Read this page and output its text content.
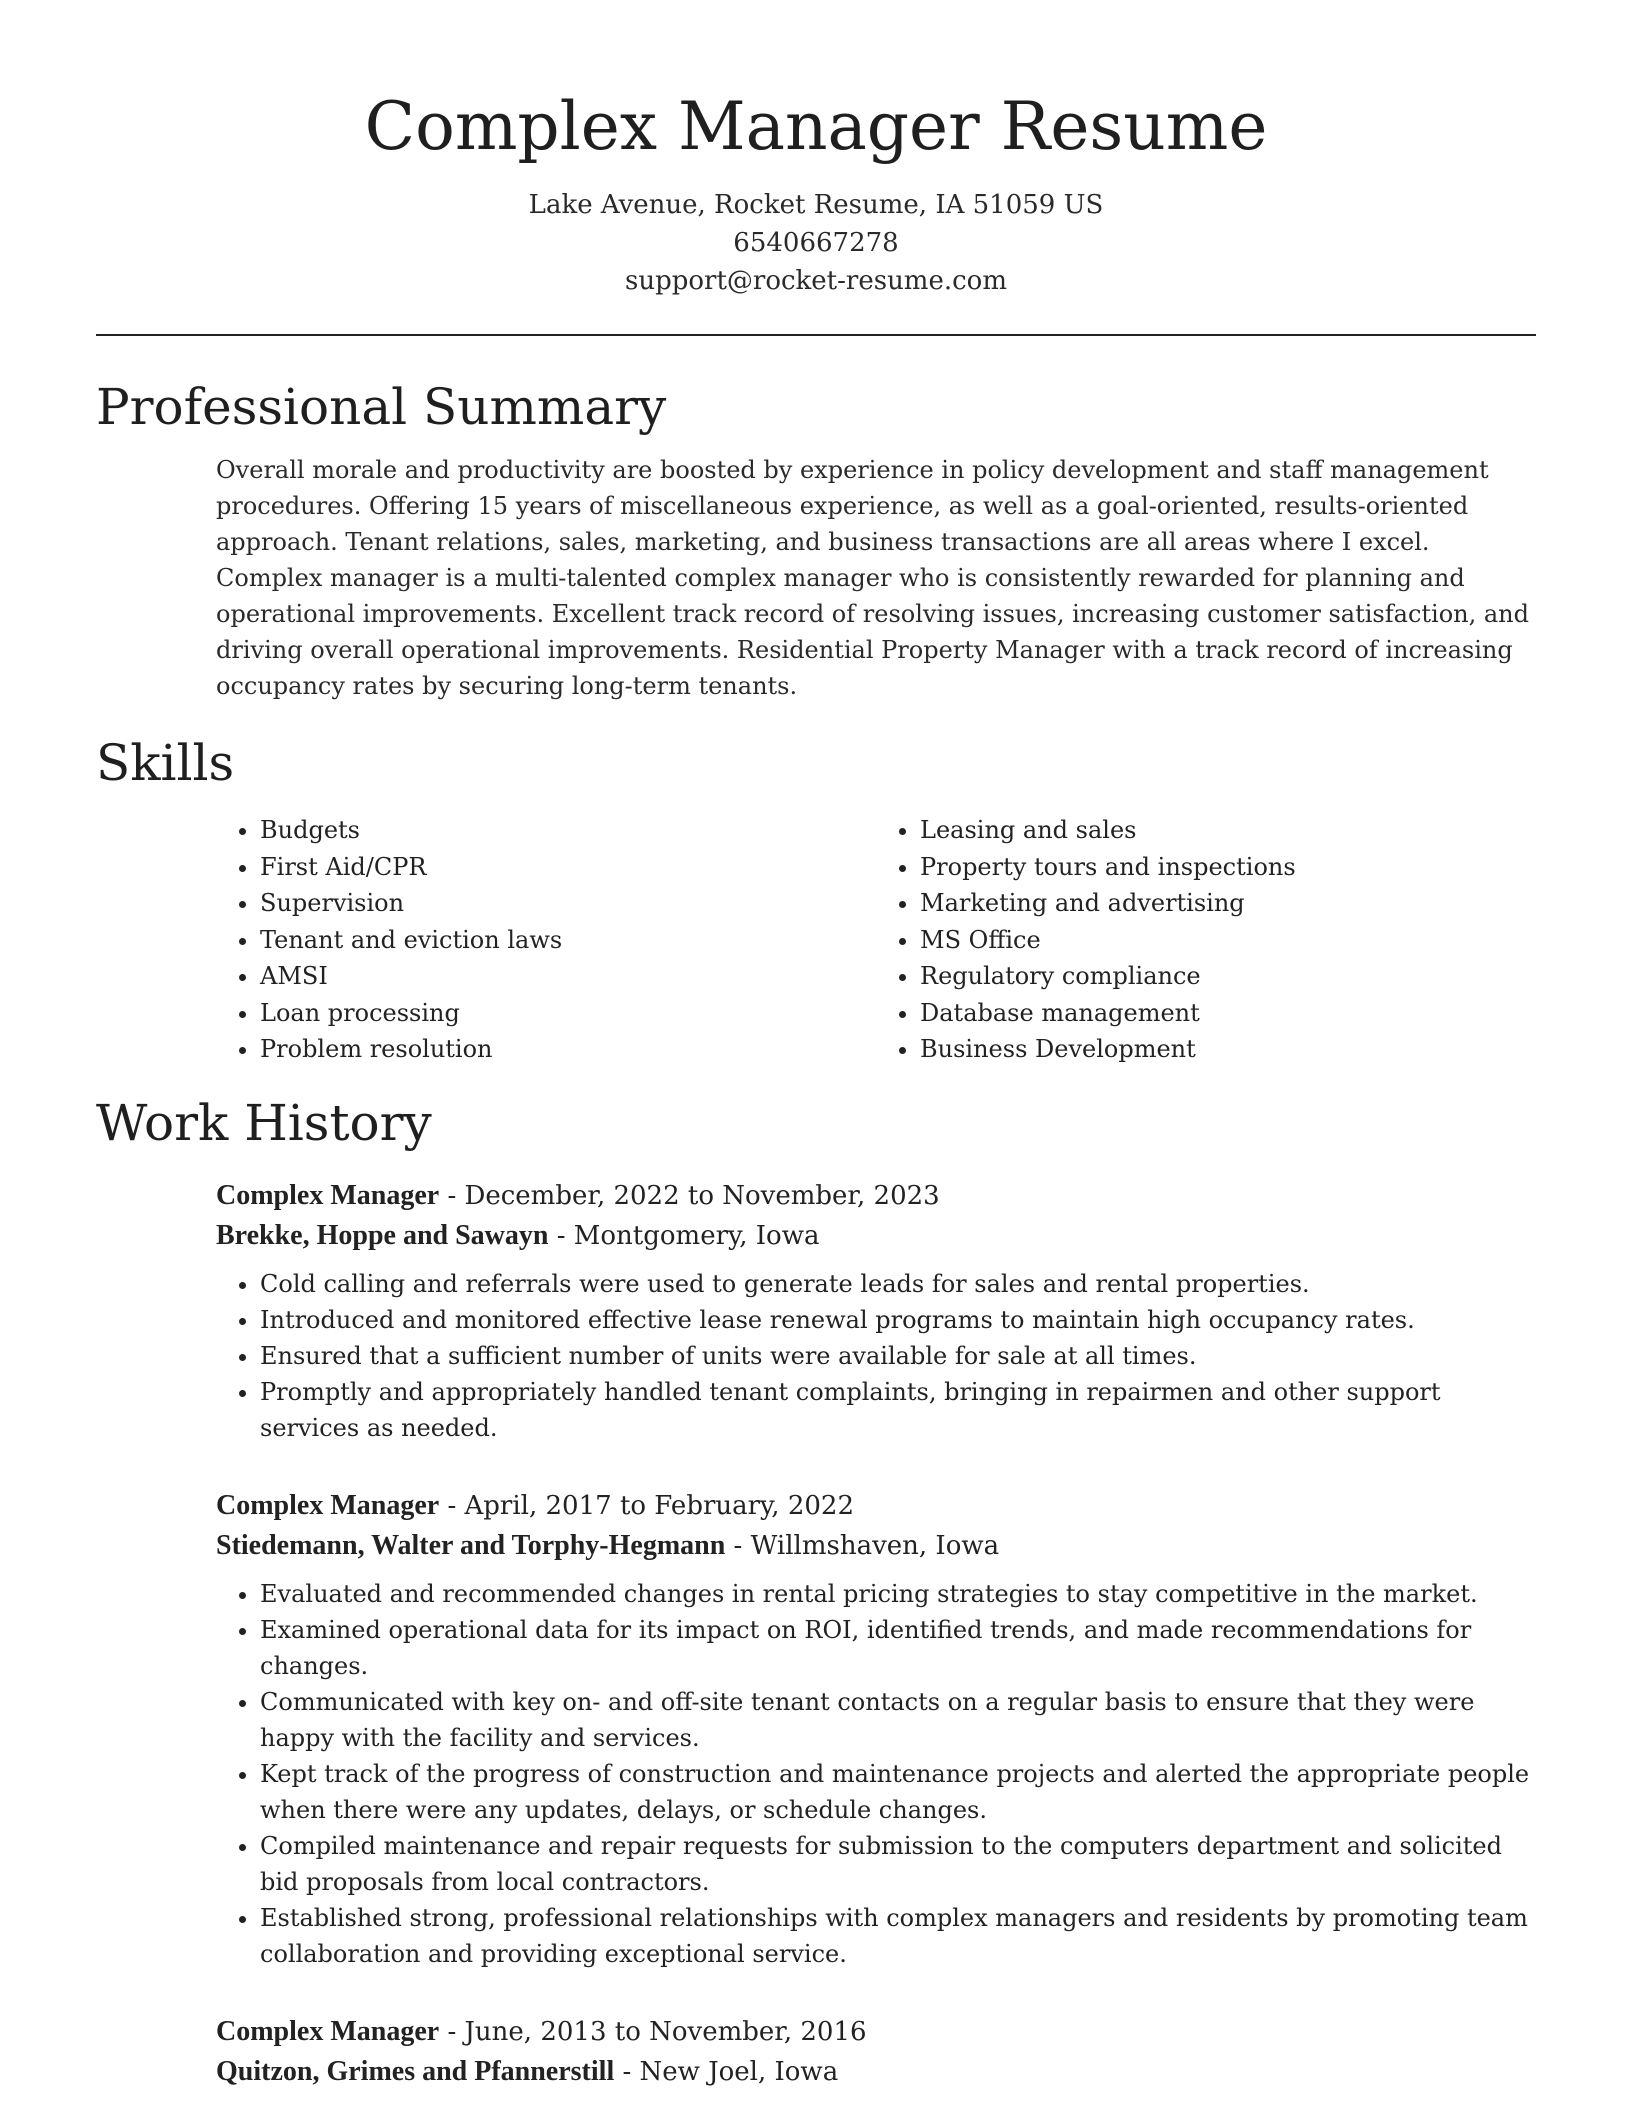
Complex Manager Resume
Lake Avenue, Rocket Resume, IA 51059 US
6540667278
support@rocket-resume.com
Professional Summary
Overall morale and productivity are boosted by experience in policy development and staff management procedures. Offering 15 years of miscellaneous experience, as well as a goal-oriented, results-oriented approach. Tenant relations, sales, marketing, and business transactions are all areas where I excel. Complex manager is a multi-talented complex manager who is consistently rewarded for planning and operational improvements. Excellent track record of resolving issues, increasing customer satisfaction, and driving overall operational improvements. Residential Property Manager with a track record of increasing occupancy rates by securing long-term tenants.
Skills
• Budgets
• First Aid/CPR
• Supervision
• Tenant and eviction laws
• AMSI
• Loan processing
• Problem resolution
• Leasing and sales
• Property tours and inspections
• Marketing and advertising
• MS Office
• Regulatory compliance
• Database management
• Business Development
Work History
Complex Manager - December, 2022 to November, 2023
Brekke, Hoppe and Sawayn - Montgomery, Iowa
• Cold calling and referrals were used to generate leads for sales and rental properties.
• Introduced and monitored effective lease renewal programs to maintain high occupancy rates.
• Ensured that a sufficient number of units were available for sale at all times.
• Promptly and appropriately handled tenant complaints, bringing in repairmen and other support services as needed.
Complex Manager - April, 2017 to February, 2022
Stiedemann, Walter and Torphy-Hegmann - Willmshaven, Iowa
• Evaluated and recommended changes in rental pricing strategies to stay competitive in the market.
• Examined operational data for its impact on ROI, identified trends, and made recommendations for changes.
• Communicated with key on- and off-site tenant contacts on a regular basis to ensure that they were happy with the facility and services.
• Kept track of the progress of construction and maintenance projects and alerted the appropriate people when there were any updates, delays, or schedule changes.
• Compiled maintenance and repair requests for submission to the computers department and solicited bid proposals from local contractors.
• Established strong, professional relationships with complex managers and residents by promoting team collaboration and providing exceptional service.
Complex Manager - June, 2013 to November, 2016
Quitzon, Grimes and Pfannerstill - New Joel, Iowa
